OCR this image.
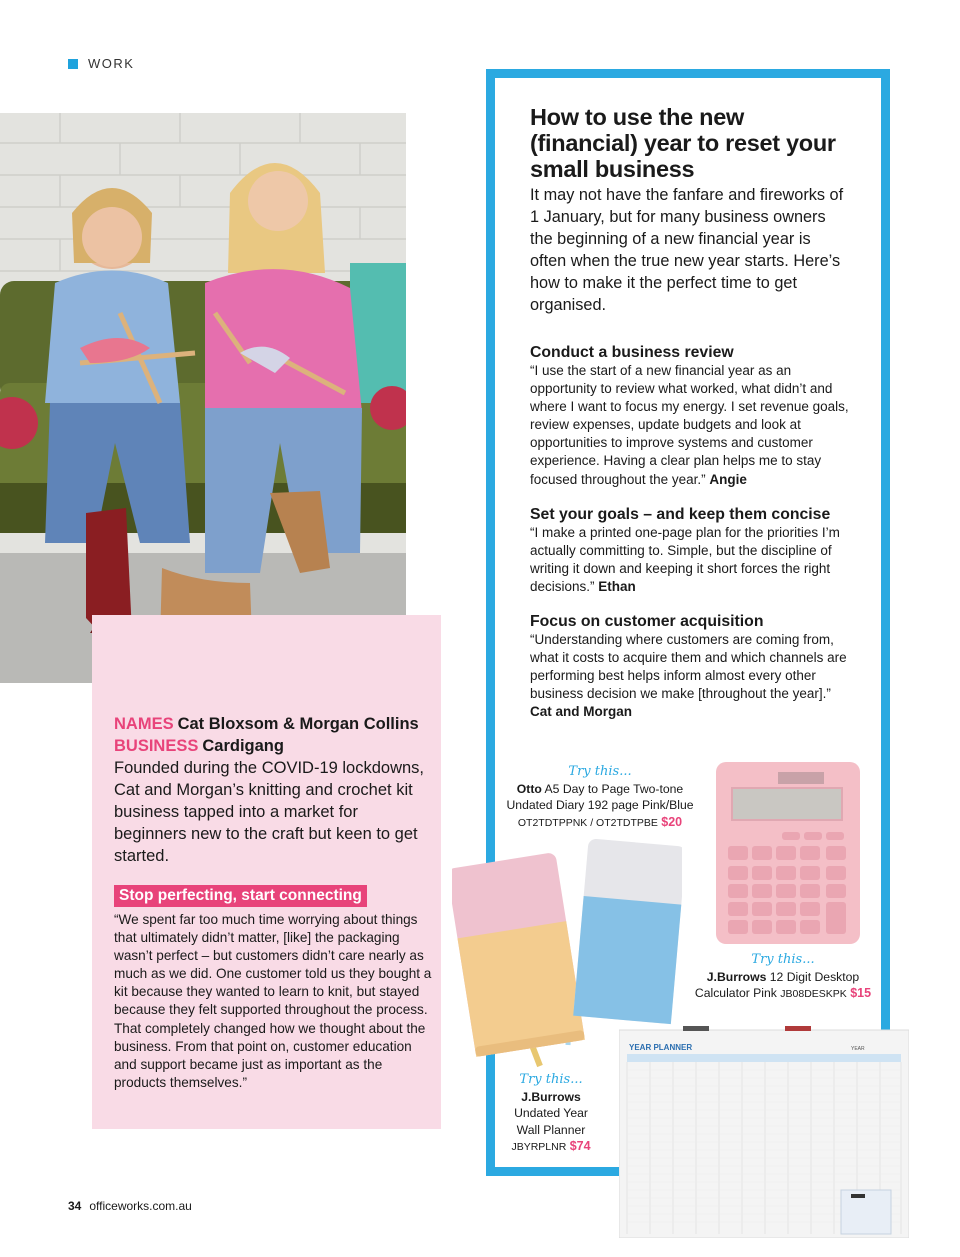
WORK
NAMES Cat Bloxsom & Morgan Collins
BUSINESS Cardigang

Founded during the COVID-19 lockdowns, Cat and Morgan’s knitting and crochet kit business tapped into a market for beginners new to the craft but keen to get started.

Stop perfecting, start connecting

“We spent far too much time worrying about things that ultimately didn’t matter, [like] the packaging wasn’t perfect – but customers didn’t care nearly as much as we did. One customer told us they bought a kit because they wanted to learn to knit, but stayed because they felt supported throughout the process. That completely changed how we thought about the business. From that point on, customer education and support became just as important as the products themselves.”

How to use the new (financial) year to reset your small business

It may not have the fanfare and fireworks of 1 January, but for many business owners the beginning of a new financial year is often when the true new year starts. Here’s how to make it the perfect time to get organised.

Conduct a business review

“I use the start of a new financial year as an opportunity to review what worked, what didn’t and where I want to focus my energy. I set revenue goals, review expenses, update budgets and look at opportunities to improve systems and customer experience. Having a clear plan helps me to stay focused throughout the year.” Angie

Set your goals – and keep them concise

“I make a printed one-page plan for the priorities I’m actually committing to. Simple, but the discipline of writing it down and keeping it short forces the right decisions.” Ethan

Focus on customer acquisition

“Understanding where customers are coming from, what it costs to acquire them and which channels are performing best helps inform almost every other business decision we make [throughout the year].” Cat and Morgan

Try this...
Otto A5 Day to Page Two-tone
Undated Diary 192 page Pink/Blue
OT2TDTPPNK / OT2TDTPBE $20
Try this...
J.Burrows 12 Digit Desktop
Calculator Pink JB08DESKPK $15
YEAR PLANNER	YEAR
Try this...
J.Burrows
Undated Year
Wall Planner
JBYRPLNR $74
34 officeworks.com.au
